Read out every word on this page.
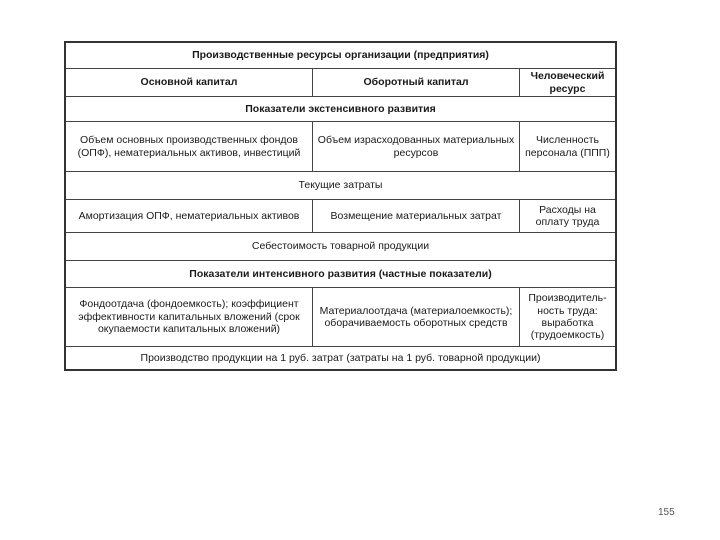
Производственные ресурсы организации (предприятия)
Основной капитал	Оборотный капитал
Человеческий ресурс
Показатели экстенсивного развития
Объем основных производственных фондов (ОПФ), нематериальных активов, инвестиций
Объем израсходованных материальных ресурсов
Численность персонала (ППП)
Текущие затраты
Амортизация ОПФ, нематериальных активов	Возмещение материальных затрат
Расходы на оплату труда
Себестоимость товарной продукции
Показатели интенсивного развития (частные показатели)
Фондоотдача (фондоемкость); коэффициент эффективности капитальных вложений (срок окупаемости капитальных вложений)
Материалоотдача (материалоемкость); оборачиваемость оборотных средств
Производитель-ность труда: выработка (трудоемкость)
Производство продукции на 1 руб. затрат (затраты на 1 руб. товарной продукции)
155
